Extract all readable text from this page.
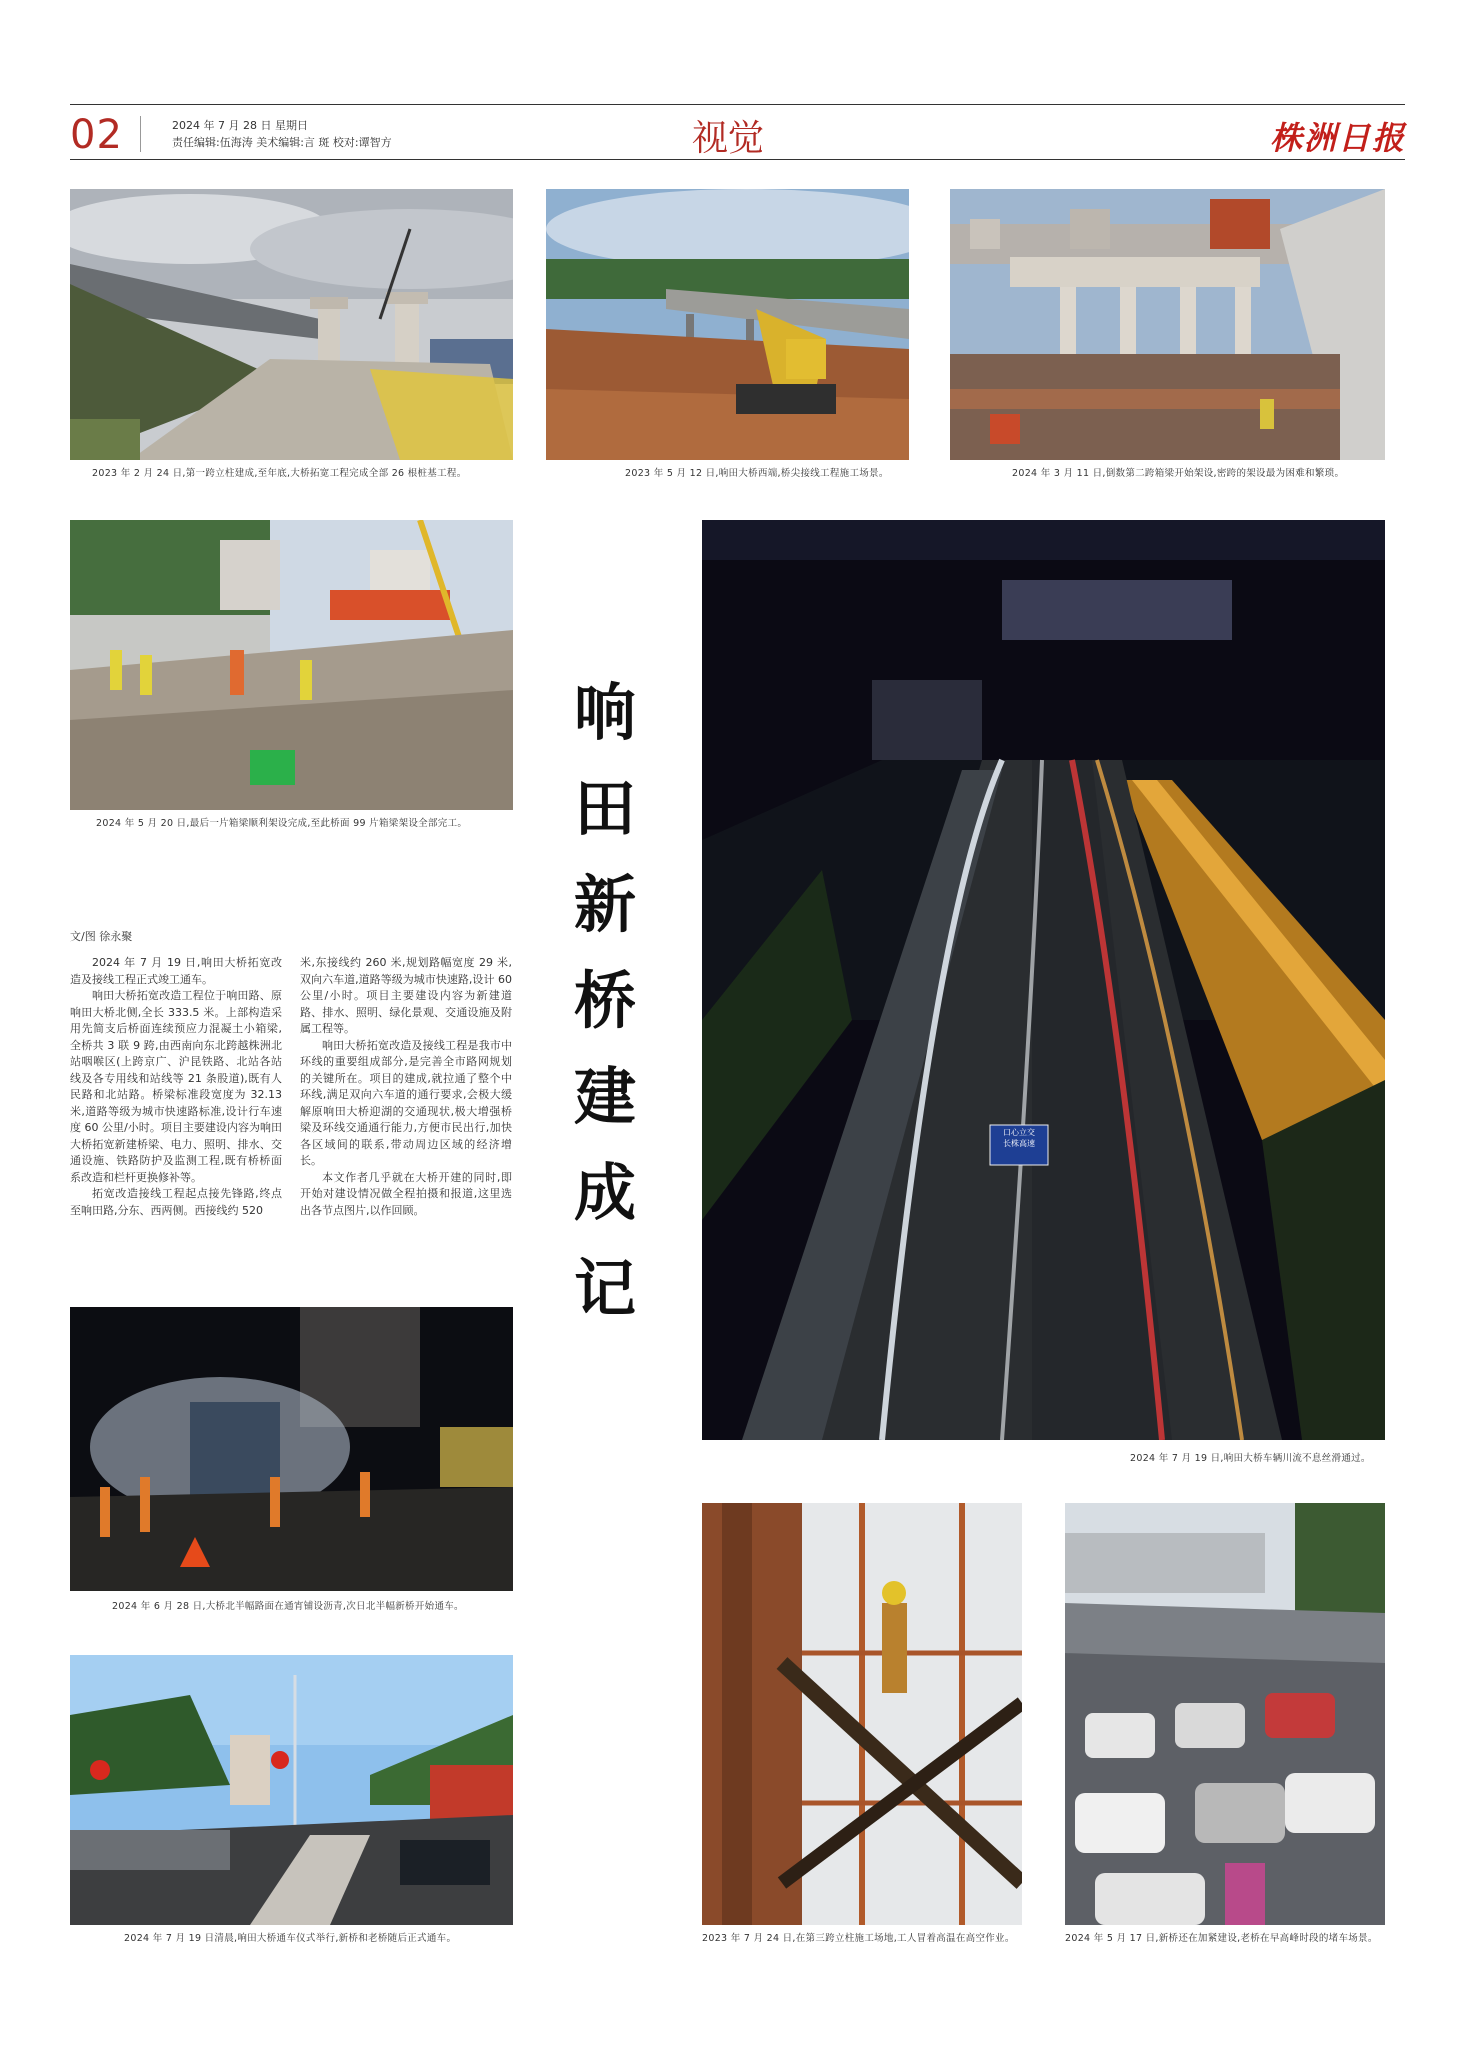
02	2024 年 7 月 28 日 星期日
责任编辑:伍海涛 美术编辑:言 斑 校对:谭智方	视觉	株洲日报
2023 年 2 月 24 日,第一跨立柱建成,至年底,大桥拓宽工程完成全部 26 根桩基工程。	2023 年 5 月 12 日,响田大桥西端,桥尖接线工程施工场景。	2024 年 3 月 11 日,倒数第二跨箱梁开始架设,密跨的架设最为困难和繁琐。
2024 年 5 月 20 日,最后一片箱梁顺利架设完成,至此桥面 99 片箱梁架设全部完工。
响
田
新
桥
建
成
记
口心立交
长株高速
2024 年 7 月 19 日,响田大桥车辆川流不息丝滑通过。
文/图 徐永聚

2024 年 7 月 19 日,响田大桥拓宽改造及接线工程正式竣工通车。

响田大桥拓宽改造工程位于响田路、原响田大桥北侧,全长 333.5 米。上部构造采用先简支后桥面连续预应力混凝土小箱梁,全桥共 3 联 9 跨,由西南向东北跨越株洲北站咽喉区(上跨京广、沪昆铁路、北站各站线及各专用线和站线等 21 条股道),既有人民路和北站路。桥梁标准段宽度为 32.13 米,道路等级为城市快速路标准,设计行车速度 60 公里/小时。项目主要建设内容为响田大桥拓宽新建桥梁、电力、照明、排水、交通设施、铁路防护及监测工程,既有桥桥面系改造和栏杆更换修补等。

拓宽改造接线工程起点接先锋路,终点至响田路,分东、西两侧。西接线约 520

米,东接线约 260 米,规划路幅宽度 29 米,双向六车道,道路等级为城市快速路,设计 60 公里/小时。项目主要建设内容为新建道路、排水、照明、绿化景观、交通设施及附属工程等。

响田大桥拓宽改造及接线工程是我市中环线的重要组成部分,是完善全市路网规划的关键所在。项目的建成,就拉通了整个中环线,满足双向六车道的通行要求,会极大缓解原响田大桥迎湖的交通现状,极大增强桥梁及环线交通通行能力,方便市民出行,加快各区域间的联系,带动周边区域的经济增长。

本文作者几乎就在大桥开建的同时,即开始对建设情况做全程拍摄和报道,这里选出各节点图片,以作回顾。

2024 年 6 月 28 日,大桥北半幅路面在通宵铺设沥青,次日北半幅新桥开始通车。
2024 年 7 月 19 日清晨,响田大桥通车仪式举行,新桥和老桥随后正式通车。	2023 年 7 月 24 日,在第三跨立柱施工场地,工人冒着高温在高空作业。	2024 年 5 月 17 日,新桥还在加紧建设,老桥在早高峰时段的堵车场景。
